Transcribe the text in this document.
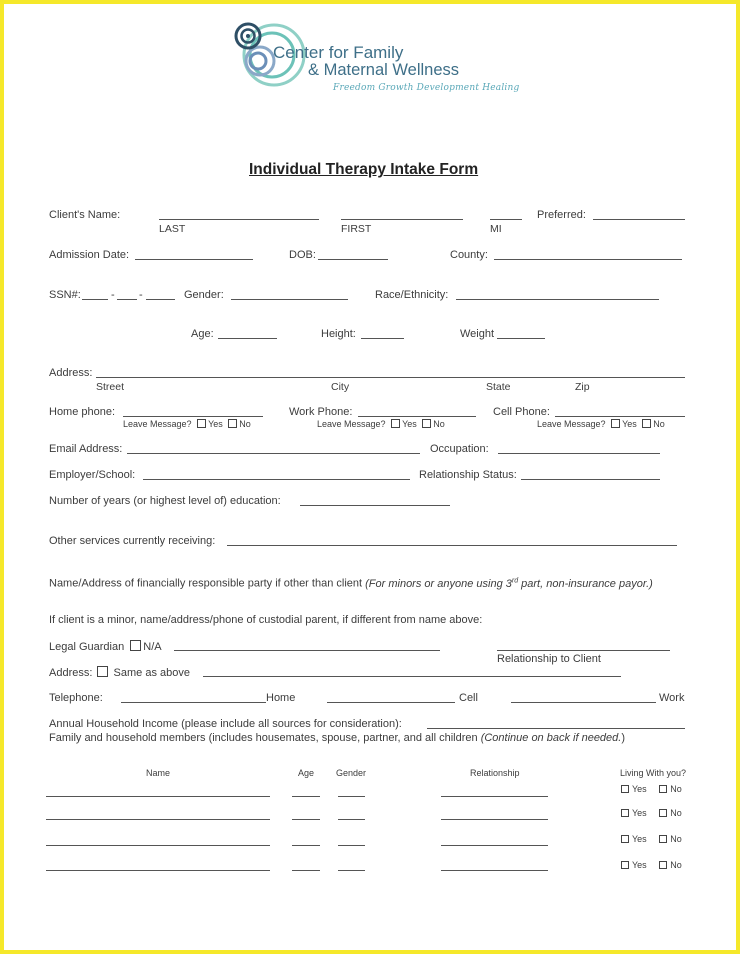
Center for Family
& Maternal Wellness
Freedom Growth Development Healing
Individual Therapy Intake Form
Client's Name:	Preferred:
LAST	FIRST	MI
Admission Date:	DOB:	County:
SSN#:	- -	Gender:	Race/Ethnicity:
Age:	Height:	Weight
Address:
Street	City	State	Zip
Home phone:	Work Phone:	Cell Phone:
Leave Message? Yes No	Leave Message? Yes No	Leave Message? Yes No
Email Address:	Occupation:
Employer/School:	Relationship Status:
Number of years (or highest level of) education:
Other services currently receiving:
Name/Address of financially responsible party if other than client (For minors or anyone using 3rd part, non-insurance payor.)
If client is a minor, name/address/phone of custodial parent, if different from name above:
Legal Guardian N/A
Relationship to Client
Address: Same as above
Telephone:	Home	Cell	Work
Annual Household Income (please include all sources for consideration):
Family and household members (includes housemates, spouse, partner, and all children (Continue on back if needed.)
Name	Age Gender	Relationship	Living With you?
Yes	No
Yes	No
Yes	No
Yes	No
